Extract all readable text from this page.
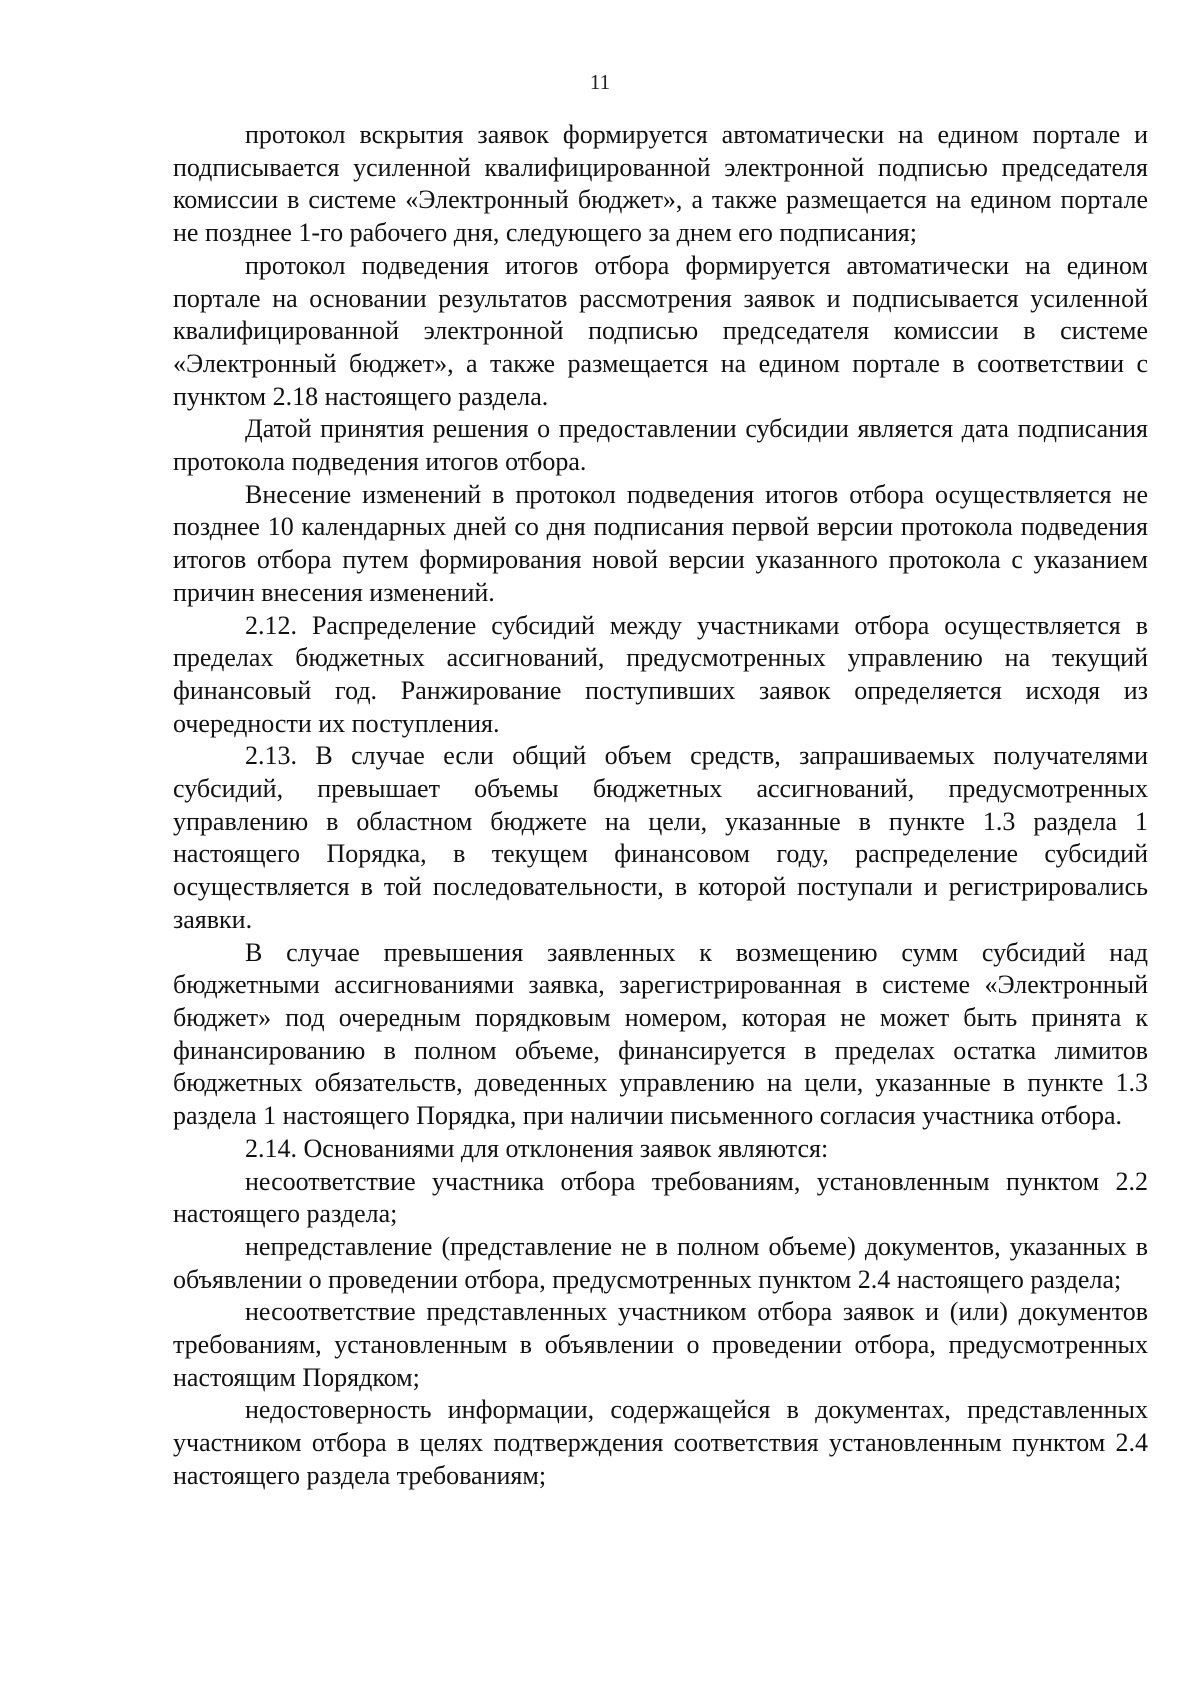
11

протокол вскрытия заявок формируется автоматически на едином портале и подписывается усиленной квалифицированной электронной подписью председателя комиссии в системе «Электронный бюджет», а также размещается на едином портале не позднее 1-го рабочего дня, следующего за днем его подписания;

протокол подведения итогов отбора формируется автоматически на едином портале на основании результатов рассмотрения заявок и подписывается усиленной квалифицированной электронной подписью председателя комиссии в системе «Электронный бюджет», а также размещается на едином портале в соответствии с пунктом 2.18 настоящего раздела.

Датой принятия решения о предоставлении субсидии является дата подписания протокола подведения итогов отбора.

Внесение изменений в протокол подведения итогов отбора осуществляется не позднее 10 календарных дней со дня подписания первой версии протокола подведения итогов отбора путем формирования новой версии указанного протокола с указанием причин внесения изменений.

2.12. Распределение субсидий между участниками отбора осуществляется в пределах бюджетных ассигнований, предусмотренных управлению на текущий финансовый год. Ранжирование поступивших заявок определяется исходя из очередности их поступления.

2.13. В случае если общий объем средств, запрашиваемых получателями субсидий, превышает объемы бюджетных ассигнований, предусмотренных управлению в областном бюджете на цели, указанные в пункте 1.3 раздела 1 настоящего Порядка, в текущем финансовом году, распределение субсидий осуществляется в той последовательности, в которой поступали и регистрировались заявки.

В случае превышения заявленных к возмещению сумм субсидий над бюджетными ассигнованиями заявка, зарегистрированная в системе «Электронный бюджет» под очередным порядковым номером, которая не может быть принята к финансированию в полном объеме, финансируется в пределах остатка лимитов бюджетных обязательств, доведенных управлению на цели, указанные в пункте 1.3 раздела 1 настоящего Порядка, при наличии письменного согласия участника отбора.

2.14. Основаниями для отклонения заявок являются:

несоответствие участника отбора требованиям, установленным пунктом 2.2 настоящего раздела;

непредставление (представление не в полном объеме) документов, указанных в объявлении о проведении отбора, предусмотренных пунктом 2.4 настоящего раздела;

несоответствие представленных участником отбора заявок и (или) документов требованиям, установленным в объявлении о проведении отбора, предусмотренных настоящим Порядком;

недостоверность информации, содержащейся в документах, представленных участником отбора в целях подтверждения соответствия установленным пунктом 2.4 настоящего раздела требованиям;
